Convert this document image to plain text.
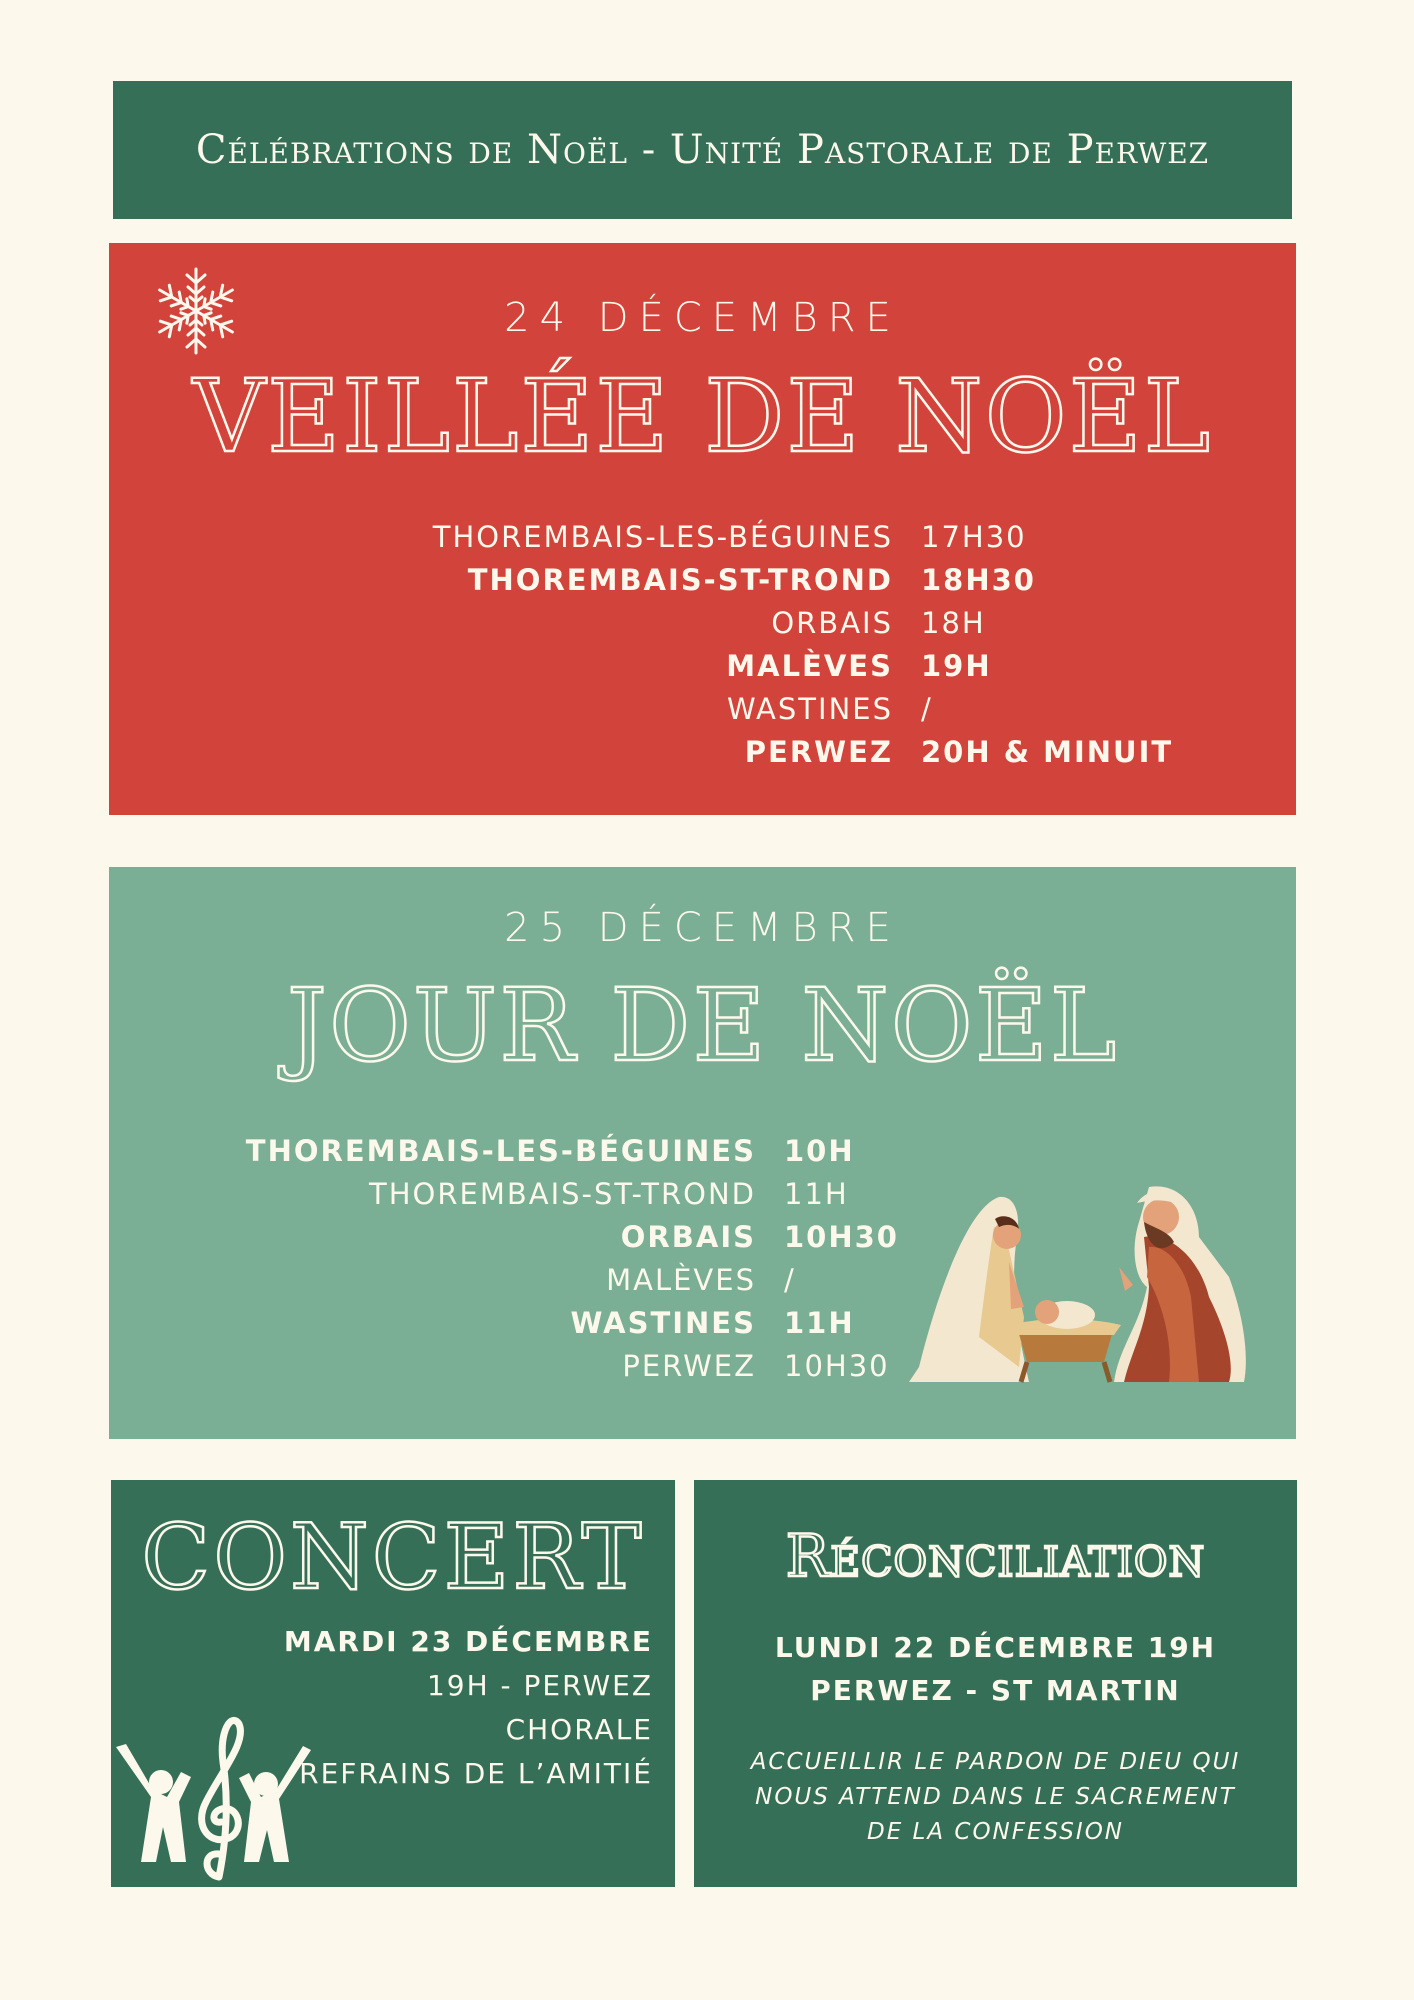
Célébrations de Noël - Unité Pastorale de Perwez
24 DÉCEMBRE
VEILLÉE DE NOËL
THOREMBAIS-LES-BÉGUINES 17H30
THOREMBAIS-ST-TROND 18H30
ORBAIS 18H
MALÈVES 19H
WASTINES /
PERWEZ 20H & MINUIT
25 DÉCEMBRE
JOUR DE NOËL
THOREMBAIS-LES-BÉGUINES 10H
THOREMBAIS-ST-TROND 11H
ORBAIS 10H30
MALÈVES /
WASTINES 11H
PERWEZ 10H30
CONCERT
MARDI 23 DÉCEMBRE
19H - PERWEZ
CHORALE
REFRAINS DE L’AMITIÉ
Réconciliation
LUNDI 22 DÉCEMBRE 19H
PERWEZ - ST MARTIN
ACCUEILLIR LE PARDON DE DIEU QUI
NOUS ATTEND DANS LE SACREMENT
DE LA CONFESSION
